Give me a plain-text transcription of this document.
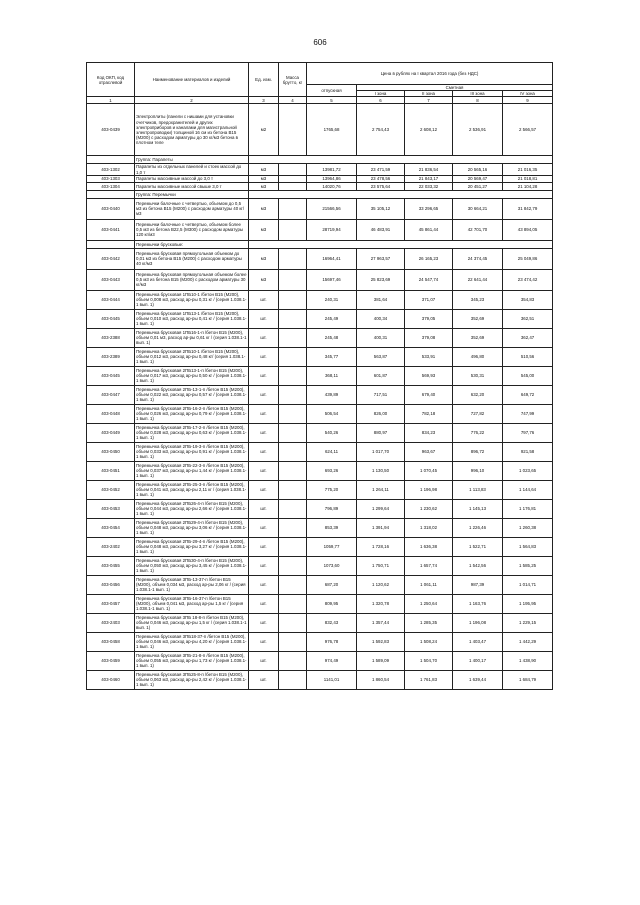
606
Код ОКП, код отраслевой	Наименование материалов и изделий	Ед. изм.	Масса брутто, кг	Цена в рублях на I квартал 2016 года (без НДС)				
				отпускная	Сметная			
					I зона	II зона	III зона	IV зона
1	2	3	4	5	6	7	8	9
403-0439	Электроплиты (панели с нишами для установки счетчиков, предохранителей и других электроприборов и каналами для магистральной электропроводки) толщиной 16 см из бетона В15 (М200) с расходом арматуры до 30 кг/м3 бетона в плотном теле	м2		1765,68	2 754,43	2 608,12	2 536,91	2 566,57
	Группа: Парапеты							
403-1302	Парапеты из отдельных панелей и стоек массой до 1,0 т	м3		13981,72	23 471,59	21 836,54	20 565,16	21 016,35
403-1303	Парапеты массивные массой до 3,0 т	м3		13964,86	23 478,56	21 843,17	20 569,47	21 018,81
403-1304	Парапеты массивные массой свыше 3,0 т	м3		14020,76	23 575,64	22 033,32	20 451,27	21 104,28
	Группа: Перемычки							
403-0440	Перемычки балочные с четвертью, объемом до 0,5 м3 из бетона В15 (М200) с расходом арматуры 40 кг/м3	м3		21566,56	35 105,12	33 296,65	30 664,21	31 842,79
403-0441	Перемычки балочные с четвертью, объемом более 0,5 м3 из бетона В22,5 (М300) с расходом арматуры 120 кг/м3	м3		28719,94	46 483,91	45 861,44	42 701,70	43 894,05
	Перемычки брусковые:							
403-0442	Перемычка брусковая прямоугольная объемом до 0,01 м3 из бетона В15 (М200) с расходом арматуры 40 кг/м3	м3		16964,41	27 963,57	26 165,23	24 374,45	25 049,86
403-0443	Перемычка брусковая прямоугольная объемом более 0,5 м3 из бетона В15 (М200) с расходом арматуры 30 кг/м3	м3		15697,46	25 823,69	24 547,74	22 641,44	23 474,42
403-0444	Перемычка брусковая 1ПБ10-1 /бетон В15 (М200), объем 0,008 м3, расход ар-ры 0,31 кг / (серия 1.038.1-1 вып. 1)	шт.		240,31	381,64	371,07	345,23	354,83
403-0445	Перемычка брусковая 1ПБ13-1 /бетон В15 (М200), объем 0,010 м3, расход ар-ры 0,41 кг / (серия 1.038.1-1 вып. 1)	шт.		245,49	400,34	379,05	352,69	362,51
403-2388	Перемычка брусковая 1ПБ16-1-п /бетон В15 (М200), объем 0,01 м3, расход ар-ры 0,61 кг / (серия 1.038.1-1 вып. 1)	шт.		245,48	400,31	379,08	352,69	362,47
403-2389	Перемычка брусковая 2ПБ10-1 /бетон В15 (М200), объем 0,012 м3, расход ар-ры 0,48 кг/ (серия 1.038.1-1 вып. 1)	шт.		345,77	563,87	533,91	496,80	510,56
403-0445	Перемычка брусковая 2ПБ13-1-п /бетон В15 (М200), объем 0,017 м3, расход ар-ры 0,50 кг / (серия 1.038.1-1 вып. 1)	шт.		368,11	601,87	569,93	530,31	545,00
403-0447	Перемычка брусковая 2ПБ-13-1-п /бетон В15 (М200), объем 0,022 м3, расход ар-ры 0,57 кг / (серия 1.038.1-1 вып. 1)	шт.		439,89	717,51	679,40	632,20	649,72
403-0448	Перемычка брусковая 2ПБ-16-2-п /бетон В15 (М200), объем 0,026 м3, расход ар-ры 0,79 кг / (серия 1.038.1-1 вып. 1)	шт.		506,54	826,00	782,18	727,82	747,99
403-0449	Перемычка брусковая 2ПБ-17-2-п /бетон В15 (М200), объем 0,028 м3, расход ар-ры 0,63 кг / (серия 1.038.1-1 вып. 1)	шт.		540,26	880,97	834,23	776,22	797,76
403-0450	Перемычка брусковая 2ПБ-19-3-п /бетон В15 (М200), объем 0,033 м3, расход ар-ры 0,91 кг / (серия 1.038.1-1 вып. 1)	шт.		624,11	1 017,70	963,67	896,72	921,58
403-0451	Перемычка брусковая 2ПБ-22-3-п /бетон В15 (М200), объем 0,037 м3, расход ар-ры 1,44 кг / (серия 1.038.1-1 вып. 1)	шт.		693,26	1 130,50	1 070,45	996,10	1 023,65
403-0452	Перемычка брусковая 2ПБ-25-3-п /бетон В15 (М200), объем 0,041 м3, расход ар-ры 2,11 кг / (серия 1.038.1-1 вып. 1)	шт.		775,20	1 264,11	1 196,98	1 113,83	1 144,64
403-0453	Перемычка брусковая 2ПБ26-4-п /бетон В15 (М200), объем 0,044 м3, расход ар-ры 2,66 кг / (серия 1.038.1-1 вып. 1)	шт.		796,89	1 299,64	1 230,62	1 145,13	1 176,81
403-0454	Перемычка брусковая 2ПБ29-4-п /бетон В15 (М200), объем 0,048 м3, расход ар-ры 3,06 кг / (серия 1.038.1-1 вып. 1)	шт.		853,39	1 391,94	1 318,02	1 226,46	1 260,38
403-2402	Перемычка брусковая 2ПБ-29-4-п /бетон В15 (М200), объем 0,048 м3, расход ар-ры 3,27 кг / (серия 1.038.1-1 вып. 1)	шт.		1059,77	1 728,16	1 636,38	1 522,71	1 564,83
403-0455	Перемычка брусковая 2ПБ30-4-п /бетон В15 (М200), объем 0,050 м3, расход ар-ры 3,45 кг / (серия 1.038.1-1 вып. 1)	шт.		1073,60	1 750,71	1 657,74	1 542,56	1 585,25
403-0456	Перемычка брусковая 3ПБ-13-37-п /бетон В15 (М200), объем 0,034 м3, расход ар-ры 2,06 кг / (серия 1.038.1-1 вып. 1)	шт.		687,20	1 120,62	1 061,11	987,39	1 014,71
403-0457	Перемычка брусковая 3ПБ-16-37-п /бетон В15 (М200), объем 0,041 м3, расход ар-ры 1,5 кг / (серия 1.038.1-1 вып. 1)	шт.		809,95	1 320,78	1 250,64	1 163,76	1 195,95
403-2403	Перемычка брусковая 3ПБ 18-8-п /бетон В15 (М200), объем 0,046 м3, расход ар-ры 1,5 кг / (серия 1.038.1-1 вып. 1)	шт.		832,43	1 357,44	1 285,35	1 196,08	1 229,15
403-0458	Перемычка брусковая 3ПБ18-37-п /бетон В15 (М200), объем 0,046 м3, расход ар-ры 4,20 кг / (серия 1.038.1-1 вып. 1)	шт.		976,78	1 592,83	1 508,24	1 403,47	1 442,29
403-0459	Перемычка брусковая 3ПБ-21-8-п /бетон В15 (М200), объем 0,055 м3, расход ар-ры 1,73 кг / (серия 1.038.1-1 вып. 1)	шт.		974,49	1 589,09	1 504,70	1 400,17	1 438,90
403-0460	Перемычка брусковая 3ПБ25-8-п /бетон В15 (М200), объем 0,063 м3, расход ар-ры 2,42 кг / (серия 1.038.1-1 вып. 1)	шт.		1141,01	1 860,54	1 761,83	1 639,44	1 684,79
